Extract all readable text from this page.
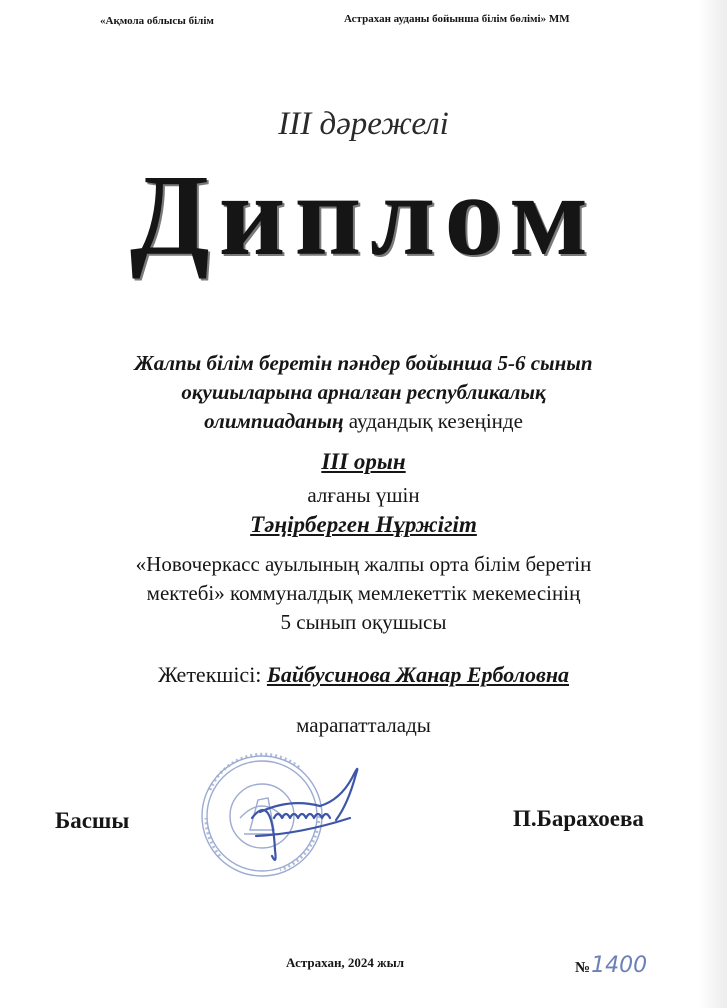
«Ақмола облысы білім	Астрахан ауданы бойынша білім бөлімі» ММ
ІІІ дәрежелі
Диплом
Жалпы білім беретін пәндер бойынша 5-6 сынып
оқушыларына арналған республикалық
олимпиаданың аудандық кезеңінде
ІІІ орын
алғаны үшін
Тәңірберген Нұржігіт
«Новочеркасс ауылының жалпы орта білім беретін
мектебі» коммуналдық мемлекеттік мекемесінің
5 сынып оқушысы
Жетекшісі: Байбусинова Жанар Ерболовна
марапатталады
Басшы	П.Барахоева
Астрахан, 2024 жыл	№1400
